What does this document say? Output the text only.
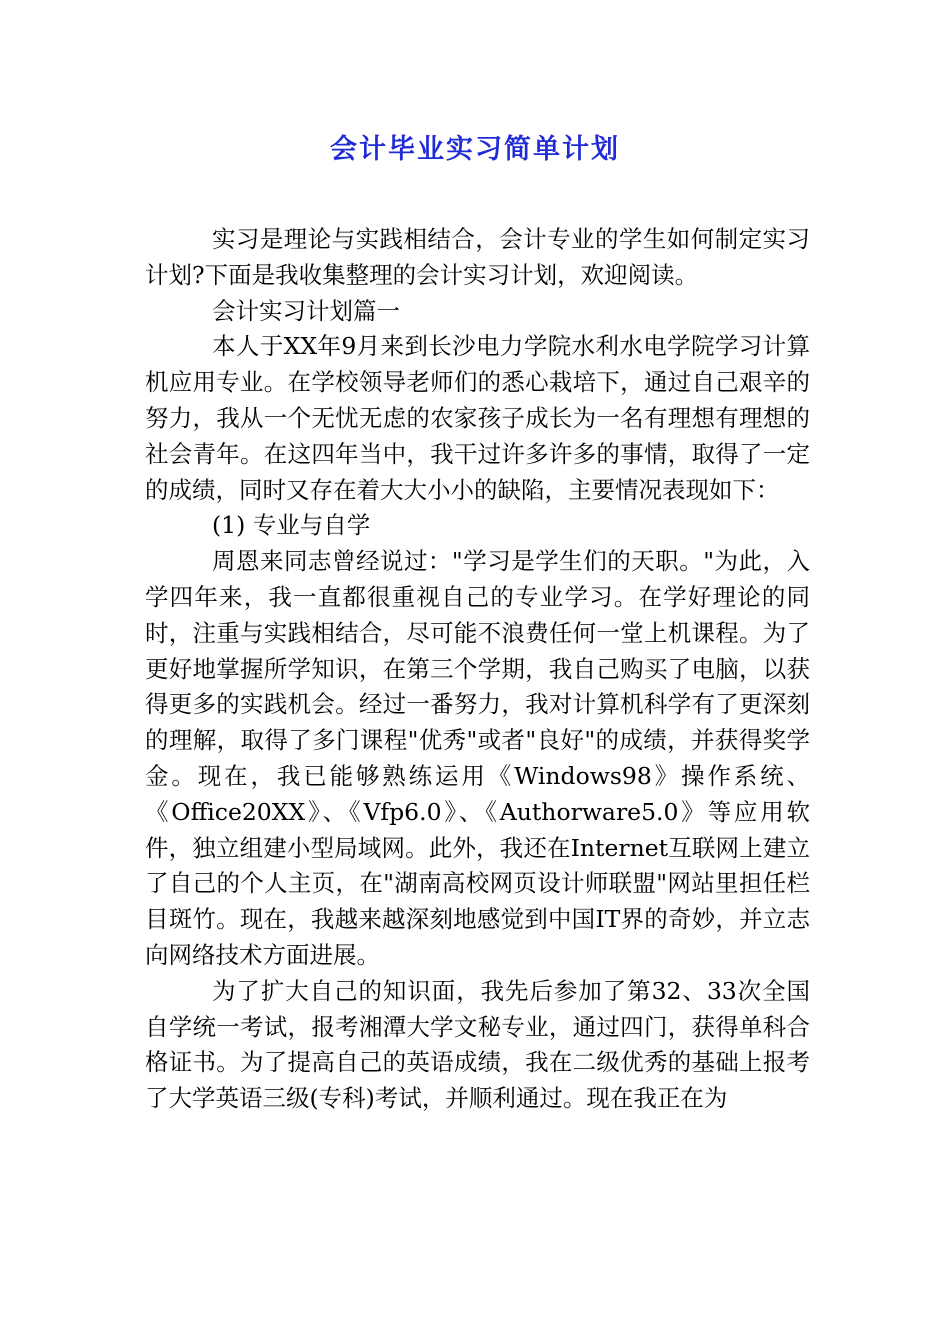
会计毕业实习简单计划

实习是理论与实践相结合，会计专业的学生如何制定实习计划?下面是我收集整理的会计实习计划，欢迎阅读。

会计实习计划篇一

本人于XX年9月来到长沙电力学院水利水电学院学习计算机应用专业。在学校领导老师们的悉心栽培下，通过自己艰辛的努力，我从一个无忧无虑的农家孩子成长为一名有理想有理想的社会青年。在这四年当中，我干过许多许多的事情，取得了一定的成绩，同时又存在着大大小小的缺陷，主要情况表现如下：

(1) 专业与自学

周恩来同志曾经说过："学习是学生们的天职。"为此，入学四年来，我一直都很重视自己的专业学习。在学好理论的同时，注重与实践相结合，尽可能不浪费任何一堂上机课程。为了更好地掌握所学知识，在第三个学期，我自己购买了电脑，以获得更多的实践机会。经过一番努力，我对计算机科学有了更深刻的理解，取得了多门课程"优秀"或者"良好"的成绩，并获得奖学金。现在，我已能够熟练运用《Windows98》操作系统、《Office20XX》、《Vfp6.0》、《Authorware5.0》等应用软件，独立组建小型局域网。此外，我还在Internet互联网上建立了自己的个人主页，在"湖南高校网页设计师联盟"网站里担任栏目斑竹。现在，我越来越深刻地感觉到中国IT界的奇妙，并立志向网络技术方面进展。

为了扩大自己的知识面，我先后参加了第32、33次全国自学统一考试，报考湘潭大学文秘专业，通过四门，获得单科合格证书。为了提高自己的英语成绩，我在二级优秀的基础上报考了大学英语三级(专科)考试，并顺利通过。现在我正在为
